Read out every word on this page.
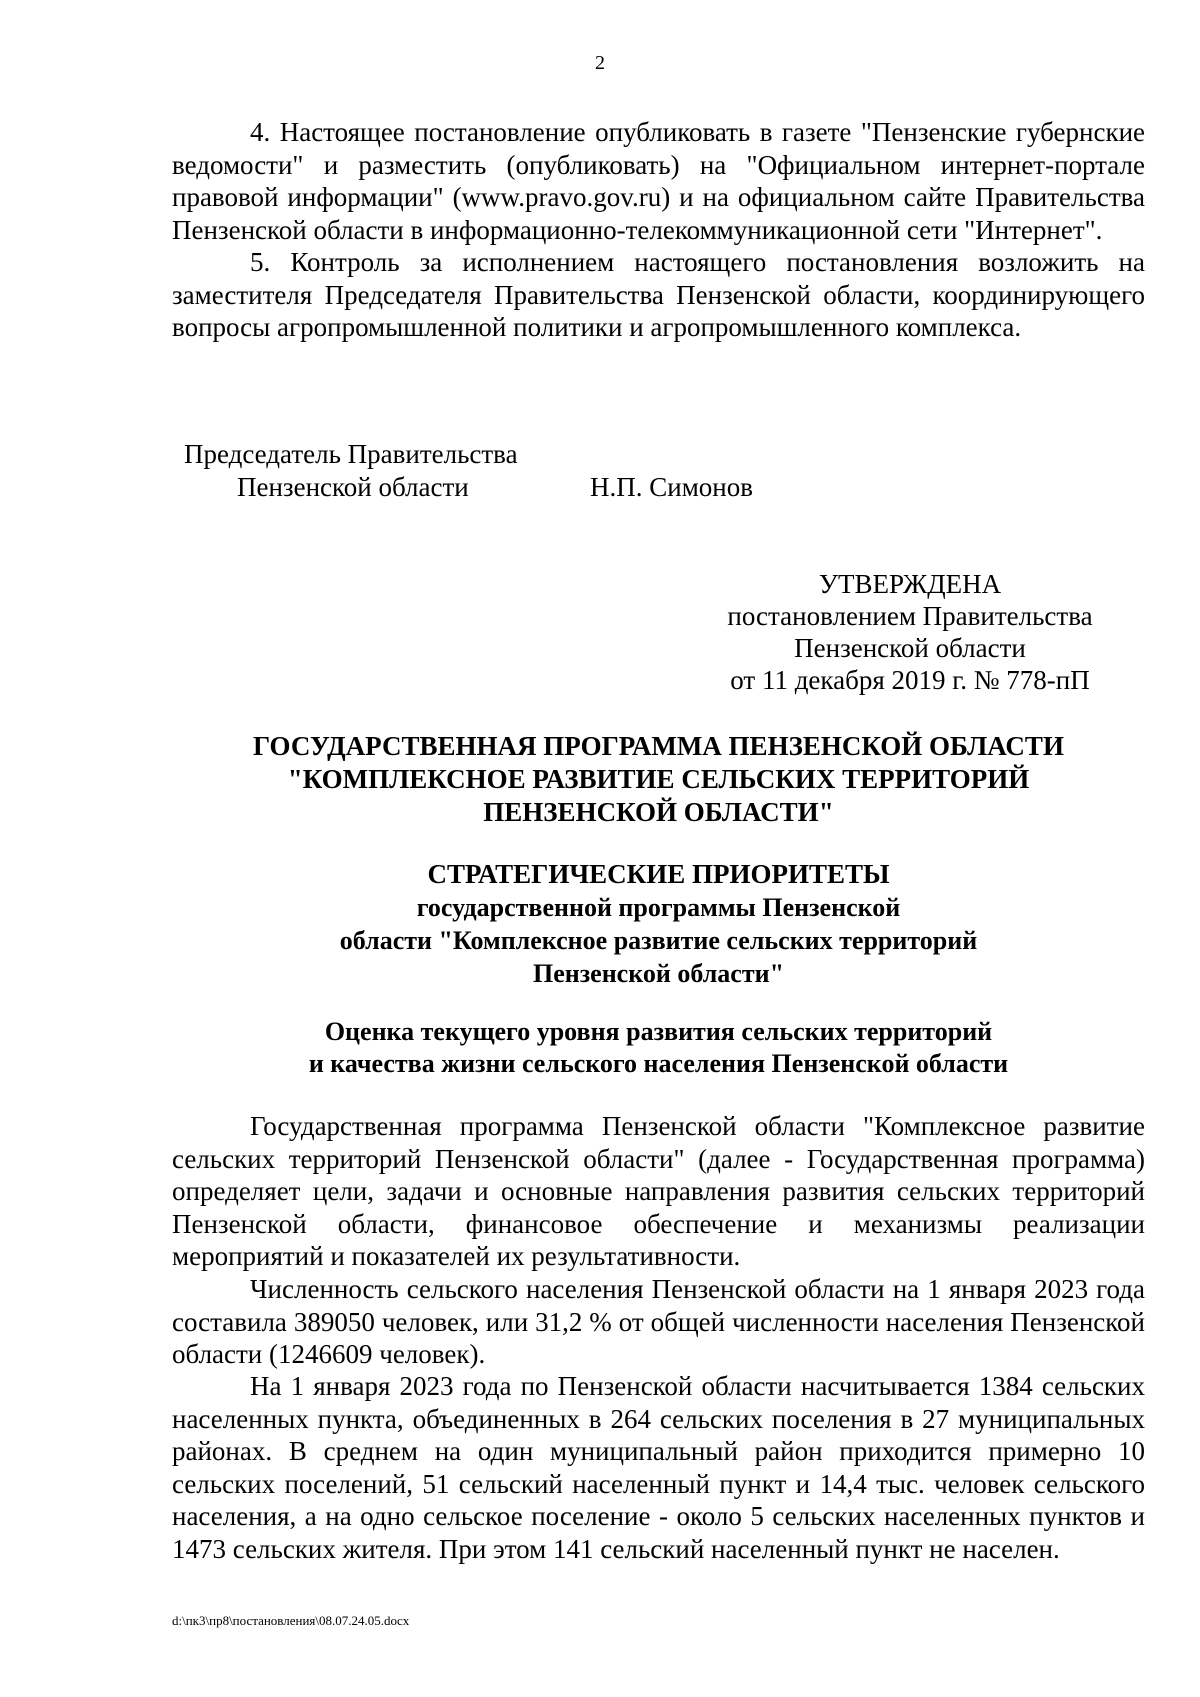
2

4. Настоящее постановление опубликовать в газете "Пензенские губернские ведомости" и разместить (опубликовать) на "Официальном интернет-портале правовой информации" (www.pravo.gov.ru) и на официальном сайте Правительства Пензенской области в информационно-телекоммуникационной сети "Интернет".

5. Контроль за исполнением настоящего постановления возложить на заместителя Председателя Правительства Пензенской области, координирующего вопросы агропромышленной политики и агропромышленного комплекса.

Председатель Правительства
Пензенской области	Н.П. Симонов
УТВЕРЖДЕНА
постановлением Правительства
Пензенской области
от 11 декабря 2019 г. № 778-пП
ГОСУДАРСТВЕННАЯ ПРОГРАММА ПЕНЗЕНСКОЙ ОБЛАСТИ
"КОМПЛЕКСНОЕ РАЗВИТИЕ СЕЛЬСКИХ ТЕРРИТОРИЙ
ПЕНЗЕНСКОЙ ОБЛАСТИ"
СТРАТЕГИЧЕСКИЕ ПРИОРИТЕТЫ
государственной программы Пензенской
области "Комплексное развитие сельских территорий
Пензенской области"
Оценка текущего уровня развития сельских территорий
и качества жизни сельского населения Пензенской области

Государственная программа Пензенской области "Комплексное развитие сельских территорий Пензенской области" (далее - Государственная программа) определяет цели, задачи и основные направления развития сельских территорий Пензенской области, финансовое обеспечение и механизмы реализации мероприятий и показателей их результативности.

Численность сельского населения Пензенской области на 1 января 2023 года составила 389050 человек, или 31,2 % от общей численности населения Пензенской области (1246609 человек).

На 1 января 2023 года по Пензенской области насчитывается 1384 сельских населенных пункта, объединенных в 264 сельских поселения в 27 муниципальных районах. В среднем на один муниципальный район приходится примерно 10 сельских поселений, 51 сельский населенный пункт и 14,4 тыс. человек сельского населения, а на одно сельское поселение - около 5 сельских населенных пунктов и 1473 сельских жителя. При этом 141 сельский населенный пункт не населен.

d:\пк3\пр8\постановления\08.07.24.05.docx
